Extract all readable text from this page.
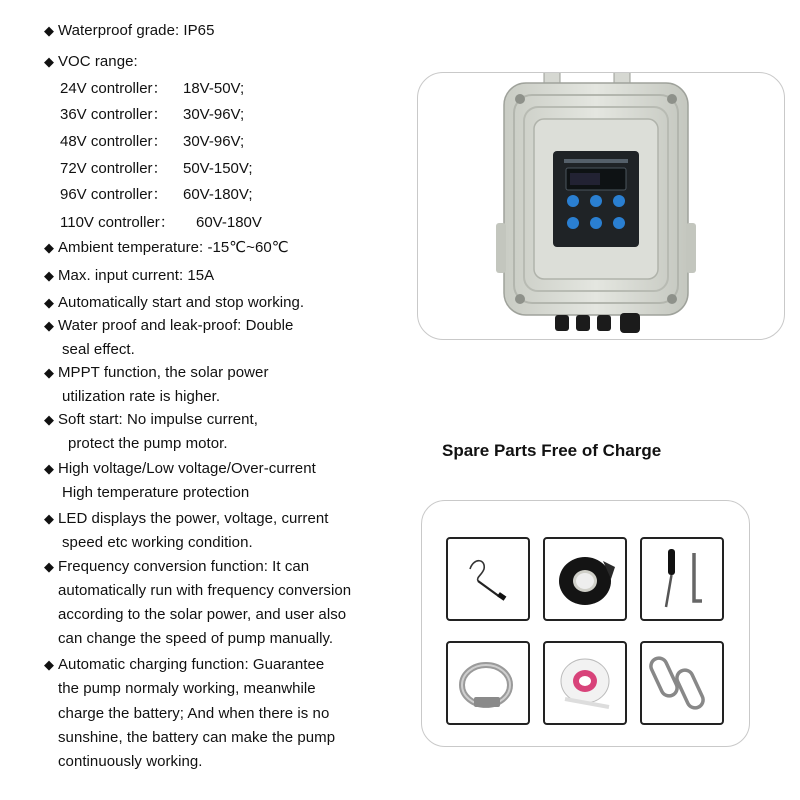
◆ Waterproof grade: IP65
◆ VOC range:
24V controller： 18V-50V;
36V controller： 30V-96V;
48V controller： 30V-96V;
72V controller： 50V-150V;
96V controller： 60V-180V;
110V controller： 60V-180V
◆ Ambient temperature: -15℃~60℃
◆ Max. input current: 15A
◆ Automatically start and stop working.
◆ Water proof and leak-proof: Double
seal effect.
◆ MPPT function, the solar power
utilization rate is higher.
◆ Soft start: No impulse current,
protect the pump motor.
◆ High voltage/Low voltage/Over-current
High temperature protection
◆ LED displays the power, voltage, current
speed etc working condition.
◆ Frequency conversion function: It can
automatically run with frequency conversion
according to the solar power, and user also
can change the speed of pump manually.
◆ Automatic charging function: Guarantee
the pump normaly working, meanwhile
charge the battery; And when there is no
sunshine, the battery can make the pump
continuously working.
Spare Parts Free of Charge
